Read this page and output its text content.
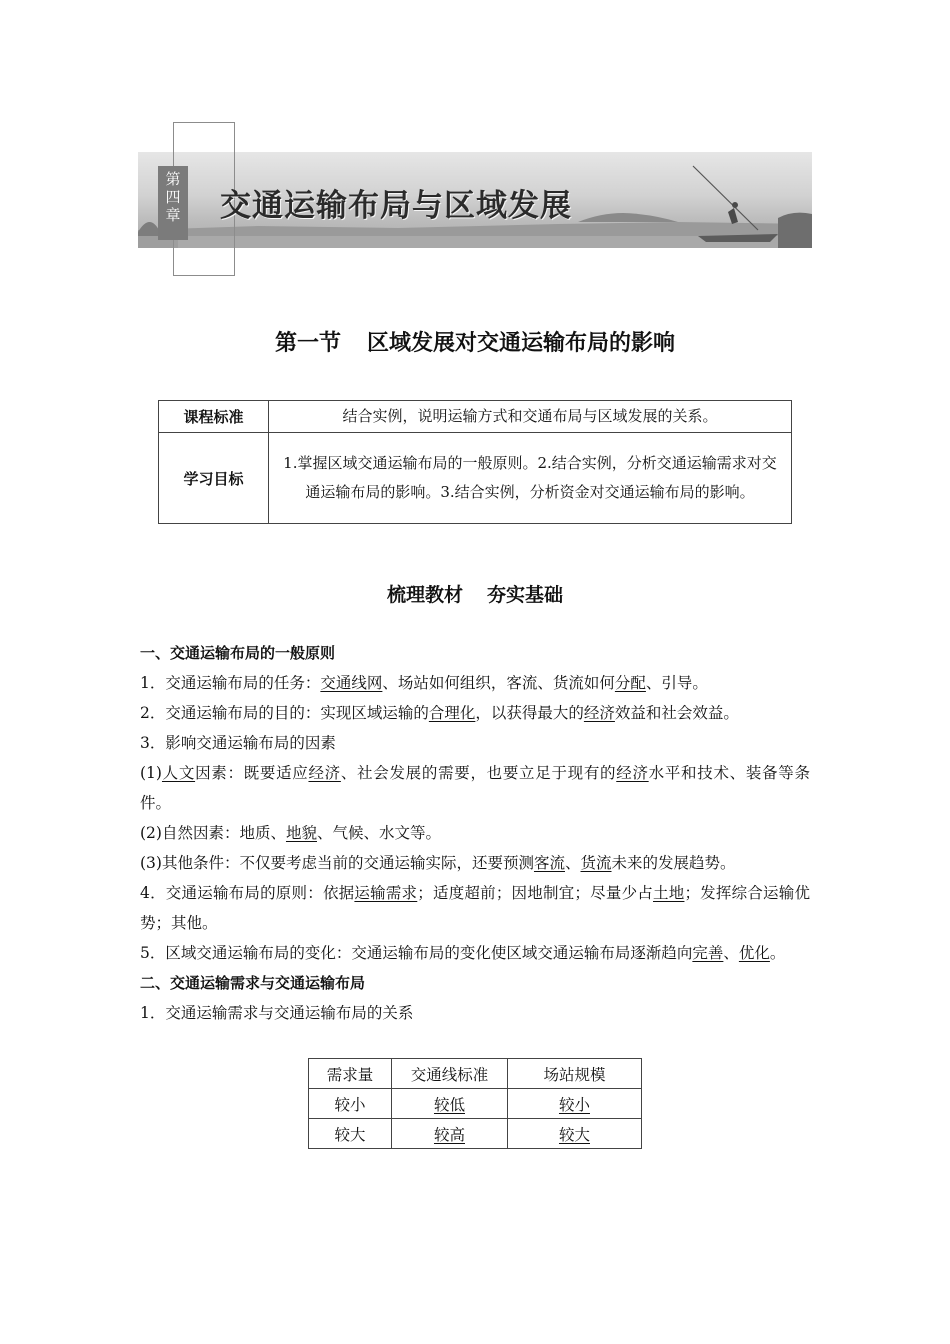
第
四
章 交通运输布局与区域发展
第一节 区域发展对交通运输布局的影响
课程标准	结合实例，说明运输方式和交通布局与区域发展的关系。
学习目标	1.掌握区域交通运输布局的一般原则。2.结合实例，分析交通运输需求对交通运输布局的影响。3.结合实例，分析资金对交通运输布局的影响。
梳理教材 夯实基础

一、交通运输布局的一般原则

1．交通运输布局的任务：交通线网、场站如何组织，客流、货流如何分配、引导。

2．交通运输布局的目的：实现区域运输的合理化，以获得最大的经济效益和社会效益。

3．影响交通运输布局的因素

(1)人文因素：既要适应经济、社会发展的需要，也要立足于现有的经济水平和技术、装备等条件。

(2)自然因素：地质、地貌、气候、水文等。

(3)其他条件：不仅要考虑当前的交通运输实际，还要预测客流、货流未来的发展趋势。

4．交通运输布局的原则：依据运输需求；适度超前；因地制宜；尽量少占土地；发挥综合运输优势；其他。

5．区域交通运输布局的变化：交通运输布局的变化使区域交通运输布局逐渐趋向完善、优化。

二、交通运输需求与交通运输布局

1．交通运输需求与交通运输布局的关系

需求量	交通线标准	场站规模
较小	较低	较小
较大	较高	较大
